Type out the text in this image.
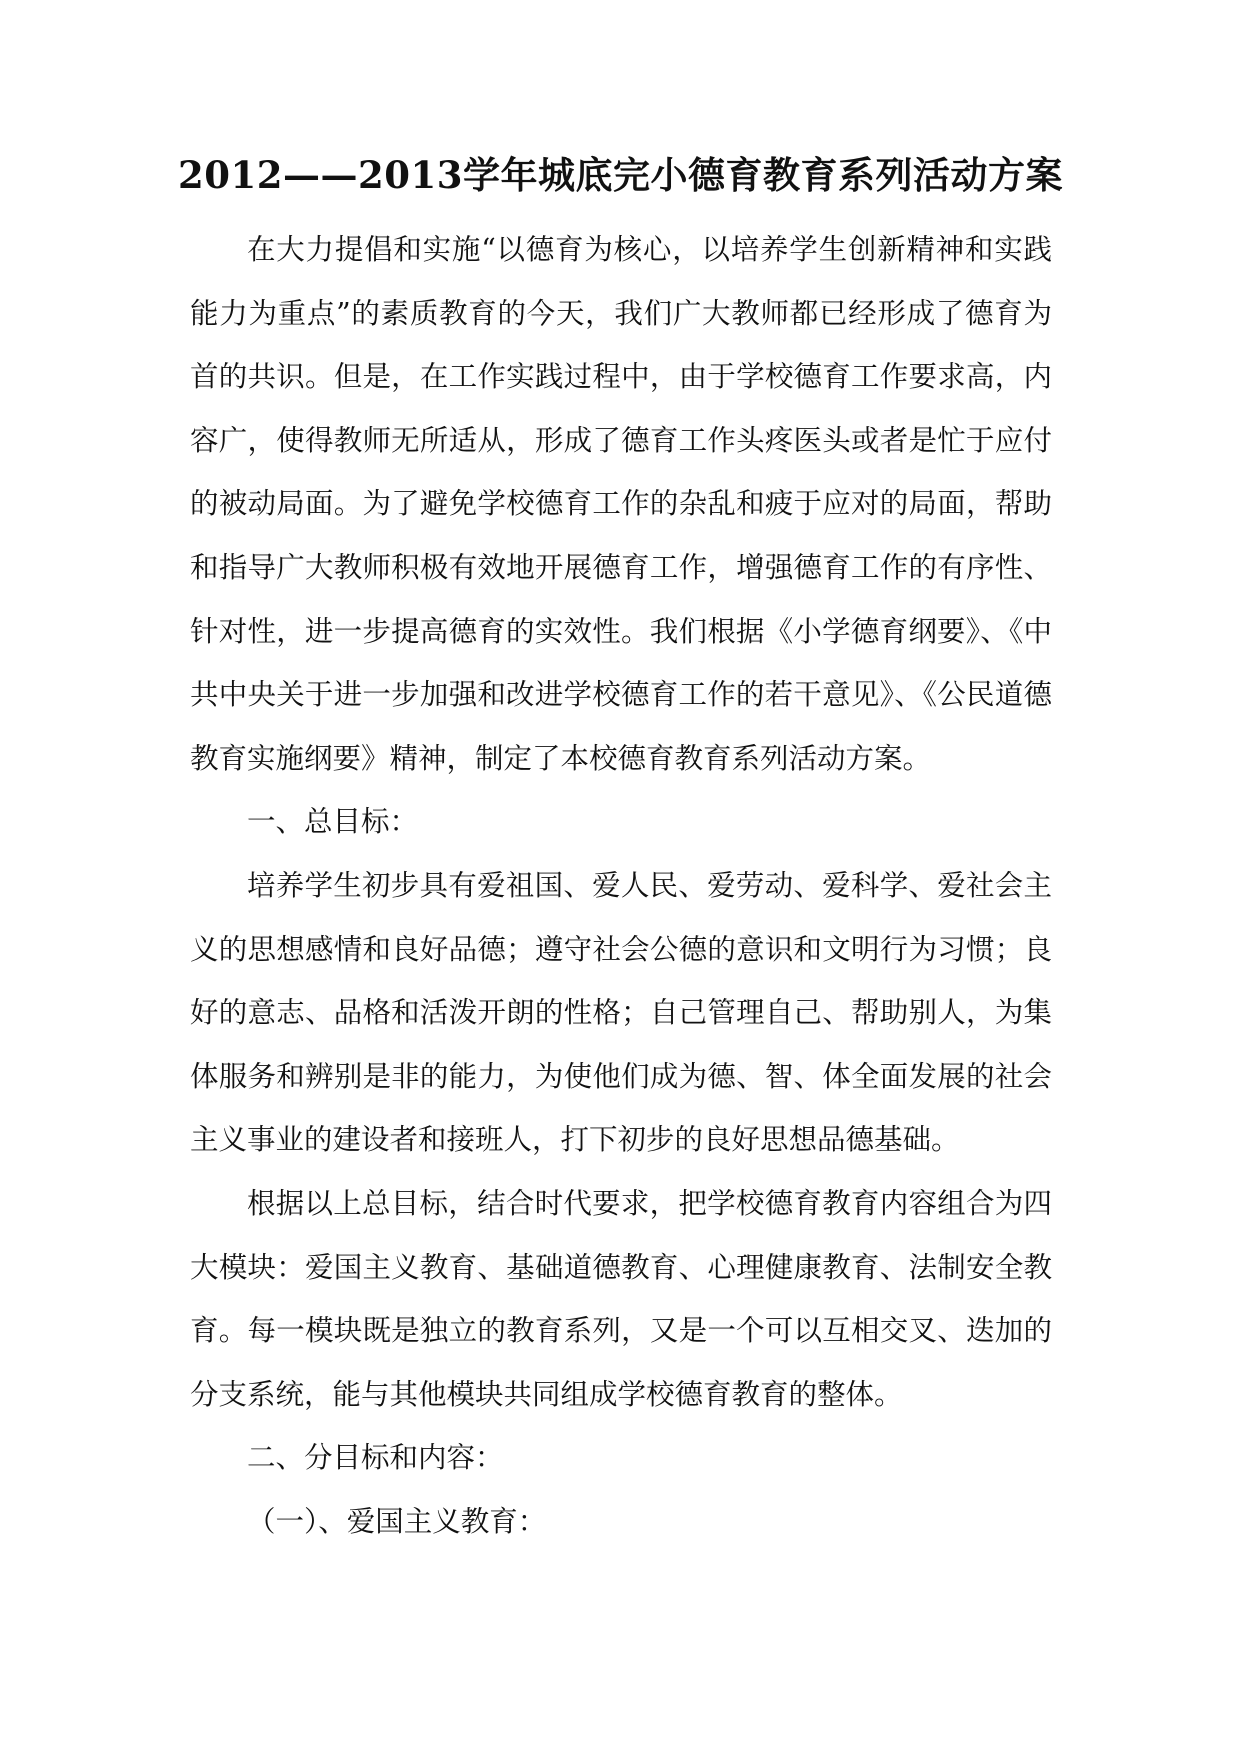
2012——2013学年城底完小德育教育系列活动方案

在大力提倡和实施“以德育为核心，以培养学生创新精神和实践能力为重点”的素质教育的今天，我们广大教师都已经形成了德育为首的共识。但是，在工作实践过程中，由于学校德育工作要求高，内容广，使得教师无所适从，形成了德育工作头疼医头或者是忙于应付的被动局面。为了避免学校德育工作的杂乱和疲于应对的局面，帮助和指导广大教师积极有效地开展德育工作，增强德育工作的有序性、针对性，进一步提高德育的实效性。我们根据《小学德育纲要》、《中共中央关于进一步加强和改进学校德育工作的若干意见》、《公民道德教育实施纲要》精神，制定了本校德育教育系列活动方案。

一、总目标：

培养学生初步具有爱祖国、爱人民、爱劳动、爱科学、爱社会主义的思想感情和良好品德；遵守社会公德的意识和文明行为习惯；良好的意志、品格和活泼开朗的性格；自己管理自己、帮助别人，为集体服务和辨别是非的能力，为使他们成为德、智、体全面发展的社会主义事业的建设者和接班人，打下初步的良好思想品德基础。

根据以上总目标，结合时代要求，把学校德育教育内容组合为四大模块：爱国主义教育、基础道德教育、心理健康教育、法制安全教育。每一模块既是独立的教育系列，又是一个可以互相交叉、迭加的分支系统，能与其他模块共同组成学校德育教育的整体。

二、分目标和内容：

（一）、爱国主义教育：
